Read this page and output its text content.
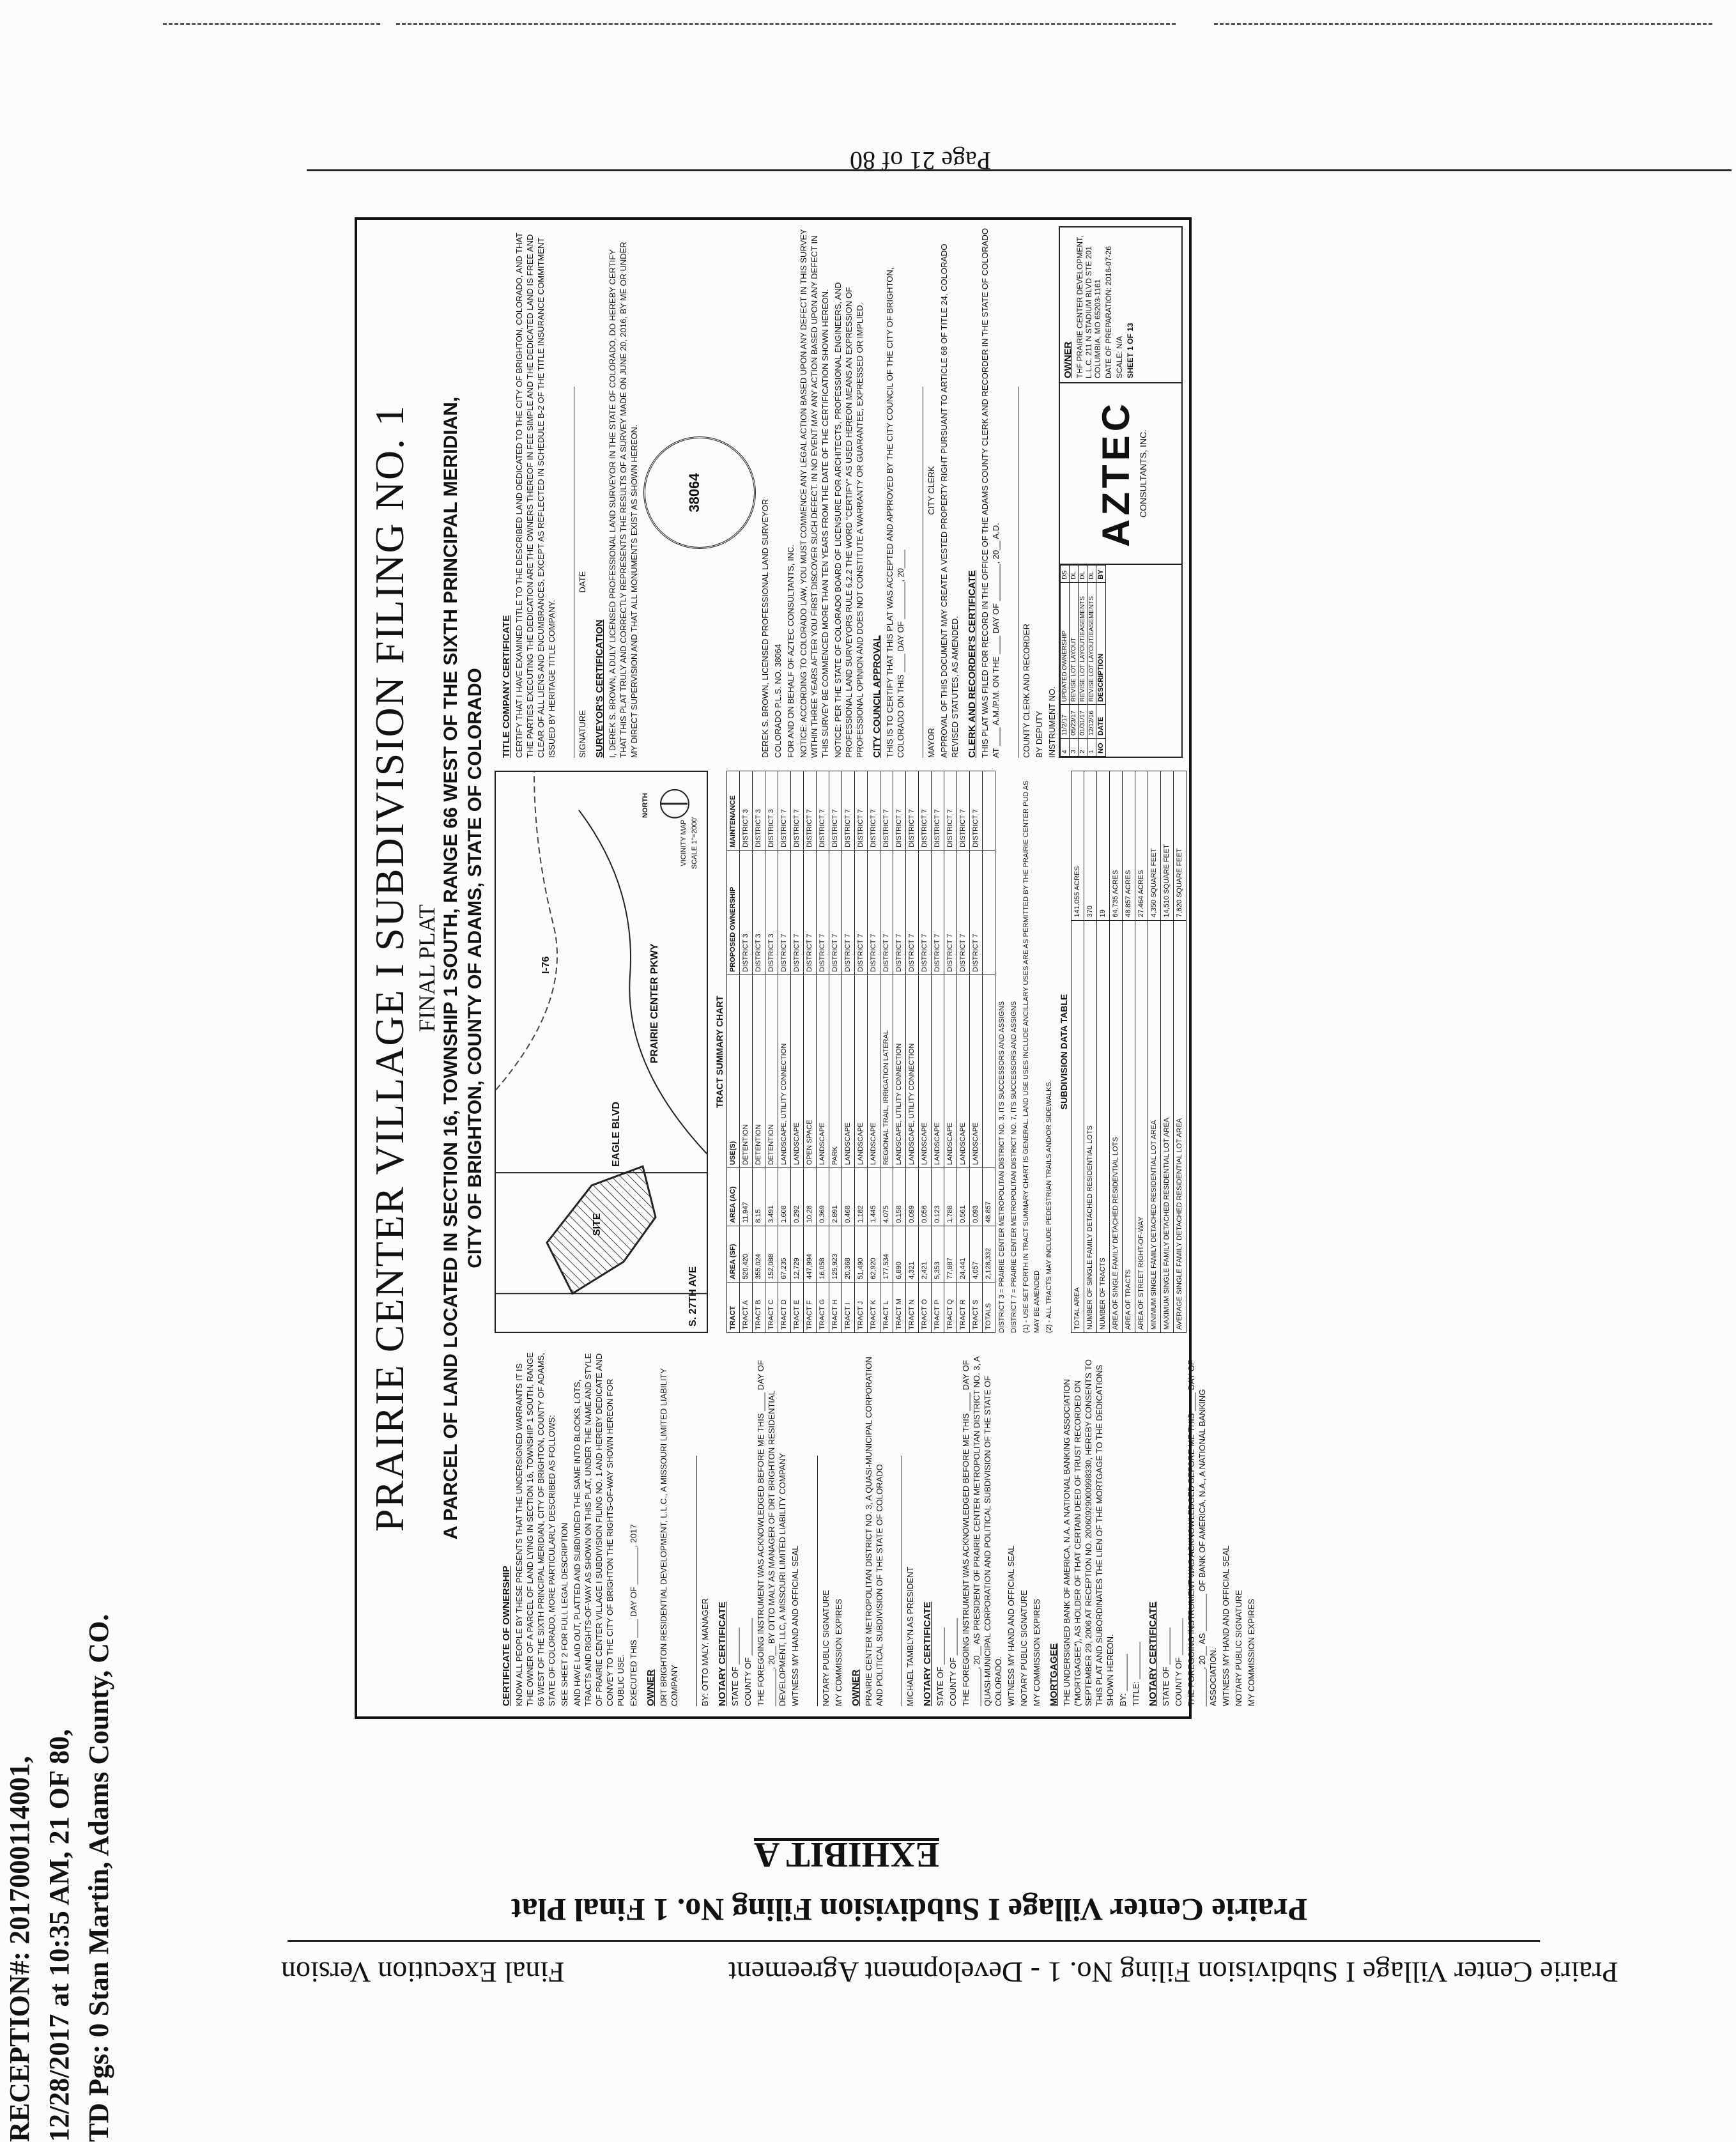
Page 21 of 80
PRAIRIE CENTER VILLAGE I SUBDIVISION FILING NO. 1 FINAL PLAT A PARCEL OF LAND LOCATED IN SECTION 16, TOWNSHIP 1 SOUTH, RANGE 66 WEST OF THE SIXTH PRINCIPAL MERIDIAN, CITY OF BRIGHTON, COUNTY OF ADAMS, STATE OF COLORADO
CERTIFICATE OF OWNERSHIP KNOW ALL PEOPLE BY THESE PRESENTS THAT THE UNDERSIGNED WARRANTS IT IS THE OWNER OF A PARCEL OF LAND LYING IN SECTION 16, TOWNSHIP 1 SOUTH, RANGE 66 WEST OF THE SIXTH PRINCIPAL MERIDIAN, CITY OF BRIGHTON, COUNTY OF ADAMS, STATE OF COLORADO, MORE PARTICULARLY DESCRIBED AS FOLLOWS: SEE SHEET 2 FOR FULL LEGAL DESCRIPTION AND HAVE LAID OUT, PLATTED AND SUBDIVIDED THE SAME INTO BLOCKS, LOTS, TRACTS AND RIGHTS-OF-WAY AS SHOWN ON THIS PLAT, UNDER THE NAME AND STYLE OF PRAIRIE CENTER VILLAGE I SUBDIVISION FILING NO. 1 AND HEREBY DEDICATE AND CONVEY TO THE CITY OF BRIGHTON THE RIGHTS-OF-WAY SHOWN HEREON FOR PUBLIC USE. EXECUTED THIS ____ DAY OF ________, 2017 OWNER DRT BRIGHTON RESIDENTIAL DEVELOPMENT, L.L.C., A MISSOURI LIMITED LIABILITY COMPANY	BY: OTTO MALY, MANAGER NOTARY CERTIFICATE STATE OF ________ COUNTY OF ________ THE FOREGOING INSTRUMENT WAS ACKNOWLEDGED BEFORE ME THIS ____ DAY OF ________, 20__ BY OTTO MALY AS MANAGER OF DRT BRIGHTON RESIDENTIAL DEVELOPMENT, LLC, A MISSOURI LIMITED LIABILITY COMPANY WITNESS MY HAND AND OFFICIAL SEAL	NOTARY PUBLIC SIGNATURE MY COMMISSION EXPIRES OWNER PRAIRIE CENTER METROPOLITAN DISTRICT NO. 3, A QUASI-MUNICIPAL CORPORATION AND POLITICAL SUBDIVISION OF THE STATE OF COLORADO	MICHAEL TAMBLYN AS PRESIDENT NOTARY CERTIFICATE STATE OF ________ COUNTY OF ________ THE FOREGOING INSTRUMENT WAS ACKNOWLEDGED BEFORE ME THIS ____ DAY OF ________, 20__ AS PRESIDENT OF PRAIRIE CENTER METROPOLITAN DISTRICT NO. 3, A QUASI-MUNICIPAL CORPORATION AND POLITICAL SUBDIVISION OF THE STATE OF COLORADO. WITNESS MY HAND AND OFFICIAL SEAL NOTARY PUBLIC SIGNATURE MY COMMISSION EXPIRES MORTGAGEE THE UNDERSIGNED BANK OF AMERICA, N.A. A NATIONAL BANKING ASSOCIATION ("MORTGAGEE"), AS HOLDER OF THAT CERTAIN DEED OF TRUST RECORDED ON SEPTEMBER 29, 2006 AT RECEPTION NO. 20060929000998330, HEREBY CONSENTS TO THIS PLAT AND SUBORDINATES THE LIEN OF THE MORTGAGE TO THE DEDICATIONS SHOWN HEREON. BY: ________ TITLE: ________ NOTARY CERTIFICATE STATE OF ________ COUNTY OF ________ THE FOREGOING INSTRUMENT WAS ACKNOWLEDGED BEFORE ME THIS ____ DAY OF ________, 20__ AS ________ OF BANK OF AMERICA, N.A., A NATIONAL BANKING ASSOCIATION. WITNESS MY HAND AND OFFICIAL SEAL NOTARY PUBLIC SIGNATURE MY COMMISSION EXPIRES
S. 27TH AVE
SITE
EAGLE BLVD
PRAIRIE CENTER PKWY
I-76
NORTH
VICINITY MAP SCALE 1"=2000'
TRACT SUMMARY CHART
TRACT	AREA (SF)	AREA (AC)	USE(S)	PROPOSED OWNERSHIP	MAINTENANCE
TRACT A	520,420	11.947	DETENTION	DISTRICT 3	DISTRICT 3
TRACT B	355,024	8.15	DETENTION	DISTRICT 3	DISTRICT 3
TRACT C	152,088	3.491	DETENTION	DISTRICT 3	DISTRICT 3
TRACT D	67,235	1.608	LANDSCAPE, UTILITY CONNECTION	DISTRICT 7	DISTRICT 7
TRACT E	12,729	0.292	LANDSCAPE	DISTRICT 7	DISTRICT 7
TRACT F	447,994	10.28	OPEN SPACE	DISTRICT 7	DISTRICT 7
TRACT G	16,058	0.369	LANDSCAPE	DISTRICT 7	DISTRICT 7
TRACT H	125,923	2.891	PARK	DISTRICT 7	DISTRICT 7
TRACT I	20,368	0.468	LANDSCAPE	DISTRICT 7	DISTRICT 7
TRACT J	51,490	1.182	LANDSCAPE	DISTRICT 7	DISTRICT 7
TRACT K	62,920	1.445	LANDSCAPE	DISTRICT 7	DISTRICT 7
TRACT L	177,534	4.075	REGIONAL TRAIL, IRRIGATION LATERAL	DISTRICT 7	DISTRICT 7
TRACT M	6,890	0.158	LANDSCAPE, UTILITY CONNECTION	DISTRICT 7	DISTRICT 7
TRACT N	4,321	0.099	LANDSCAPE, UTILITY CONNECTION	DISTRICT 7	DISTRICT 7
TRACT O	2,421	0.056	LANDSCAPE	DISTRICT 7	DISTRICT 7
TRACT P	5,353	0.123	LANDSCAPE	DISTRICT 7	DISTRICT 7
TRACT Q	77,887	1.788	LANDSCAPE	DISTRICT 7	DISTRICT 7
TRACT R	24,441	0.561	LANDSCAPE	DISTRICT 7	DISTRICT 7
TRACT S	4,057	0.093	LANDSCAPE	DISTRICT 7	DISTRICT 7
TOTALS	2,128,332	48.857			DISTRICT 3 = PRAIRIE CENTER METROPOLITAN DISTRICT NO. 3, ITS SUCCESSORS AND ASSIGNS DISTRICT 7 = PRAIRIE CENTER METROPOLITAN DISTRICT NO. 7, ITS SUCCESSORS AND ASSIGNS (1) - USE SET FORTH IN TRACT SUMMARY CHART IS GENERAL. LAND USE USES INCLUDE ANCILLARY USES ARE AS PERMITTED BY THE PRAIRIE CENTER PUD AS MAY BE AMENDED (2) - ALL TRACTS MAY INCLUDE PEDESTRIAN TRAILS AND/OR SIDEWALKS.
SUBDIVISION DATA TABLE
TOTAL AREA	141.055 ACRES
NUMBER OF SINGLE FAMILY DETACHED RESIDENTIAL LOTS	370
NUMBER OF TRACTS	19
AREA OF SINGLE FAMILY DETACHED RESIDENTIAL LOTS	64.735 ACRES
AREA OF TRACTS	48.857 ACRES
AREA OF STREET RIGHT-OF-WAY	27.464 ACRES
MINIMUM SINGLE FAMILY DETACHED RESIDENTIAL LOT AREA	4,350 SQUARE FEET
MAXIMUM SINGLE FAMILY DETACHED RESIDENTIAL LOT AREA	14,510 SQUARE FEET
AVERAGE SINGLE FAMILY DETACHED RESIDENTIAL LOT AREA	7,620 SQUARE FEET
TITLE COMPANY CERTIFICATE CERTIFY THAT I HAVE EXAMINED TITLE TO THE DESCRIBED LAND DEDICATED TO THE CITY OF BRIGHTON, COLORADO, AND THAT THE PARTIES EXECUTING THE DEDICATION ARE THE OWNERS THEREOF IN FEE SIMPLE AND THE DEDICATED LAND IS FREE AND CLEAR OF ALL LIENS AND ENCUMBRANCES, EXCEPT AS REFLECTED IN SCHEDULE B-2 OF THE TITLE INSURANCE COMMITMENT ISSUED BY HERITAGE TITLE COMPANY.	SIGNATURE DATE
SURVEYOR'S CERTIFICATION I, DEREK S. BROWN, A DULY LICENSED PROFESSIONAL LAND SURVEYOR IN THE STATE OF COLORADO, DO HEREBY CERTIFY THAT THIS PLAT TRULY AND CORRECTLY REPRESENTS THE RESULTS OF A SURVEY MADE ON JUNE 20, 2016, BY ME OR UNDER MY DIRECT SUPERVISION AND THAT ALL MONUMENTS EXIST AS SHOWN HEREON.	38064
DEREK S. BROWN, LICENSED PROFESSIONAL LAND SURVEYOR COLORADO P.L.S. NO. 38064 FOR AND ON BEHALF OF AZTEC CONSULTANTS, INC. NOTICE: ACCORDING TO COLORADO LAW, YOU MUST COMMENCE ANY LEGAL ACTION BASED UPON ANY DEFECT IN THIS SURVEY WITHIN THREE YEARS AFTER YOU FIRST DISCOVER SUCH DEFECT. IN NO EVENT MAY ANY ACTION BASED UPON ANY DEFECT IN THIS SURVEY BE COMMENCED MORE THAN TEN YEARS FROM THE DATE OF THE CERTIFICATION SHOWN HEREON. NOTICE: PER THE STATE OF COLORADO BOARD OF LICENSURE FOR ARCHITECTS, PROFESSIONAL ENGINEERS, AND PROFESSIONAL LAND SURVEYORS RULE 6.2.2 THE WORD "CERTIFY" AS USED HEREON MEANS AN EXPRESSION OF PROFESSIONAL OPINION AND DOES NOT CONSTITUTE A WARRANTY OR GUARANTEE, EXPRESSED OR IMPLIED. CITY COUNCIL APPROVAL THIS IS TO CERTIFY THAT THIS PLAT WAS ACCEPTED AND APPROVED BY THE CITY COUNCIL OF THE CITY OF BRIGHTON, COLORADO ON THIS ____ DAY OF ________, 20____	MAYOR CITY CLERK APPROVAL OF THIS DOCUMENT MAY CREATE A VESTED PROPERTY RIGHT PURSUANT TO ARTICLE 68 OF TITLE 24, COLORADO REVISED STATUTES, AS AMENDED. CLERK AND RECORDER'S CERTIFICATE THIS PLAT WAS FILED FOR RECORD IN THE OFFICE OF THE ADAMS COUNTY CLERK AND RECORDER IN THE STATE OF COLORADO AT ____ A.M./P.M. ON THE ____ DAY OF ________, 20__ A.D.	COUNTY CLERK AND RECORDER BY DEPUTY INSTRUMENT NO. 4	11/2/17	UPDATED OWNERSHIP	DS
3	05/23/17	REVISE LOT LAYOUT	DL
2	01/31/17	REVISE LOT LAYOUT/EASEMENTS	DL
1	12/12/16	REVISE LOT LAYOUT/EASEMENTS	DL
NO	DATE	DESCRIPTION	BY
AZTEC CONSULTANTS, INC.
OWNER THF PRAIRIE CENTER DEVELOPMENT, L.L.C. 211 N STADIUM BLVD STE 201 COLUMBIA, MO 65203-1161 DATE OF PREPARATION: 2016-07-26
SCALE: N/A SHEET 1 OF 13
EXHIBIT A
Prairie Center Village I Subdivision Filing No. 1 Final Plat
Prairie Center Village I Subdivision Filing No. 1 - Development Agreement
Final Execution Version
RECEPTION#: 2017000114001, 12/28/2017 at 10:35 AM, 21 OF 80, TD Pgs: 0 Stan Martin, Adams County, CO.
